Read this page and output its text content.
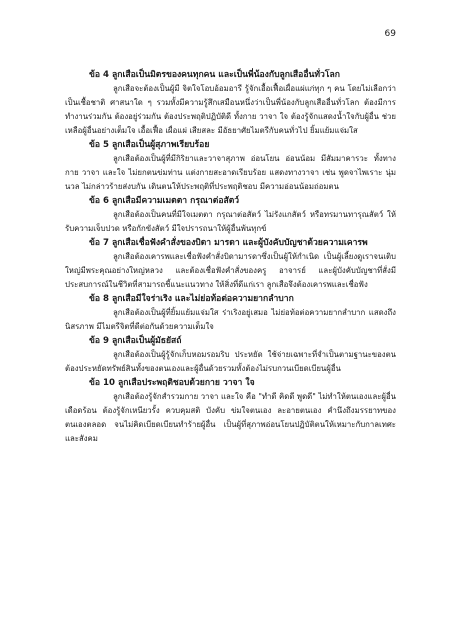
69
ข้อ 4 ลูกเสือเป็นมิตรของคนทุกคน และเป็นพี่น้องกับลูกเสืออื่นทั่วโลก

ลูกเสือจะต้องเป็นผู้มี จิตใจโอบอ้อมอารี รู้จักเอื้อเฟื้อเผื่อแผ่แก่ทุก ๆ คน โดยไม่เลือกว่าเป็นเชื้อชาติ ศาสนาใด ๆ รวมทั้งมีความรู้สึกเสมือนหนึ่งว่าเป็นพี่น้องกับลูกเสืออื่นทั่วโลก ต้องมีการทำงานร่วมกัน ต้องอยู่ร่วมกัน ต้องประพฤติปฏิบัติดี ทั้งกาย วาจา ใจ ต้องรู้จักแสดงน้ำใจกับผู้อื่น ช่วยเหลือผู้อื่นอย่างเต็มใจ เอื้อเฟื้อ เผื่อแผ่ เสียสละ มีอัธยาศัยไมตรีกับคนทั่วไป ยิ้มแย้มแจ่มใส

ข้อ 5 ลูกเสือเป็นผู้สุภาพเรียบร้อย

ลูกเสือต้องเป็นผู้ที่มีกิริยาและวาจาสุภาพ อ่อนโยน อ่อนน้อม มีสัมมาคารวะ ทั้งทางกาย วาจา และใจ ไม่ยกตนข่มท่าน แต่งกายสะอาดเรียบร้อย แสดงทางวาจา เช่น พูดจาไพเราะ นุ่มนวล ไม่กล่าวร้ายส่งบกัน เดินตนให้ประพฤติที่ประพฤติชอบ มีความอ่อนน้อมถ่อมตน

ข้อ 6 ลูกเสือมีความเมตตา กรุณาต่อสัตว์

ลูกเสือต้องเป็นคนที่มีใจเมตตา กรุณาต่อสัตว์ ไม่รังแกสัตว์ หรือทรมานทารุณสัตว์ ให้รับความเจ็บปวด หรือกักขังสัตว์ มีใจปรารถนาให้ผู้อื่นพ้นทุกข์

ข้อ 7 ลูกเสือเชื่อฟังคำสั่งของบิดา มารดา และผู้บังคับบัญชาด้วยความเคารพ

ลูกเสือต้องเคารพและเชื่อฟังคำสั่งบิดามารดาซึ่งเป็นผู้ให้กำเนิด เป็นผู้เลี้ยงดูเราจนเติบใหญ่มีพระคุณอย่างใหญ่หลวง และต้องเชื่อฟังคำสั่งของครู อาจารย์ และผู้บังคับบัญชาที่สั่งมีประสบการณ์ในชีวิตที่สามารถชี้แนะแนวทาง ให้สิ่งที่ดีแก่เรา ลูกเสือจึงต้องเคารพและเชื่อฟัง

ข้อ 8 ลูกเสือมีใจร่าเริง และไม่ย่อท้อต่อความยากลำบาก

ลูกเสือต้องเป็นผู้ที่ยิ้มแย้มแจ่มใส ร่าเริงอยู่เสมอ ไม่ย่อท้อต่อความยากลำบาก แสดงถึงนิสรภาพ มีไมตรีจิตที่ดีต่อกันด้วยความเต็มใจ

ข้อ 9 ลูกเสือเป็นผู้มัธยัสถ์

ลูกเสือต้องเป็นผู้รู้จักเก็บหอมรอมริบ ประหยัด ใช้จ่ายเฉพาะที่จำเป็นตามฐานะของตน ต้องประหยัดทรัพย์สินทั้งของตนเองและผู้อื่นด้วยรวมทั้งต้องไม่รบกวนเบียดเบียนผู้อื่น

ข้อ 10 ลูกเสือประพฤติชอบด้วยกาย วาจา ใจ

ลูกเสือต้องรู้จักสำรวมกาย วาจา และใจ คือ "ทำดี คิดดี พูดดี" ไม่ทำให้ตนเองและผู้อื่นเดือดร้อน ต้องรู้จักเหนียวรั้ง ควบคุมสติ บังคับ ข่มใจตนเอง ละอายตนเอง คำนึงถึงมรรยาทของตนเองตลอด จนไม่คิดเบียดเบียนทำร้ายผู้อื่น เป็นผู้ที่สุภาพอ่อนโยนปฏิบัติตนให้เหมาะกับกาลเทศะและสังคม
